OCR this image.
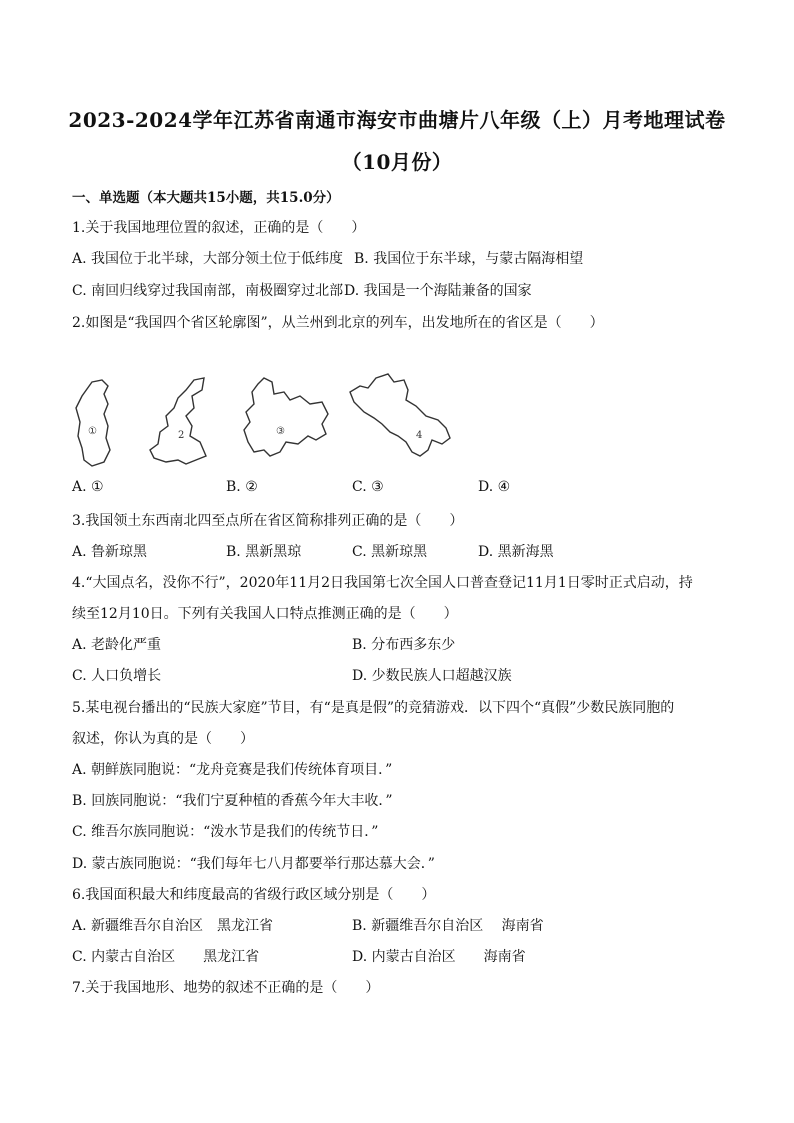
2023-2024学年江苏省南通市海安市曲塘片八年级（上）月考地理试卷
（10月份）
一、单选题（本大题共15小题，共15.0分）
1.关于我国地理位置的叙述，正确的是（　　）
A. 我国位于北半球，大部分领土位于低纬度 B. 我国位于东半球，与蒙古隔海相望
C. 南回归线穿过我国南部，南极圈穿过北部 D. 我国是一个海陆兼备的国家
2.如图是“我国四个省区轮廓图”，从兰州到北京的列车，出发地所在的省区是（　　）
①	2	③	4
A. ①	B. ②	C. ③	D. ④
3.我国领土东西南北四至点所在省区简称排列正确的是（　　）
A. 鲁新琼黑	B. 黑新黑琼	C. 黑新琼黑	D. 黑新海黑
4.“大国点名，没你不行”，2020年11月2日我国第七次全国人口普查登记11月1日零时正式启动，持
续至12月10日。下列有关我国人口特点推测正确的是（　　）
A. 老龄化严重	B. 分布西多东少
C. 人口负增长	D. 少数民族人口超越汉族
5.某电视台播出的“民族大家庭”节目，有“是真是假”的竞猜游戏．以下四个“真假”少数民族同胞的
叙述，你认为真的是（　　）
A. 朝鲜族同胞说：“龙舟竞赛是我们传统体育项目．”
B. 回族同胞说：“我们宁夏种植的香蕉今年大丰收．”
C. 维吾尔族同胞说：“泼水节是我们的传统节日．”
D. 蒙古族同胞说：“我们每年七八月都要举行那达慕大会．”
6.我国面积最大和纬度最高的省级行政区域分别是（　　）
A. 新疆维吾尔自治区　黑龙江省	B. 新疆维吾尔自治区　 海南省
C. 内蒙古自治区　　黑龙江省	D. 内蒙古自治区　　海南省
7.关于我国地形、地势的叙述不正确的是（　　）
